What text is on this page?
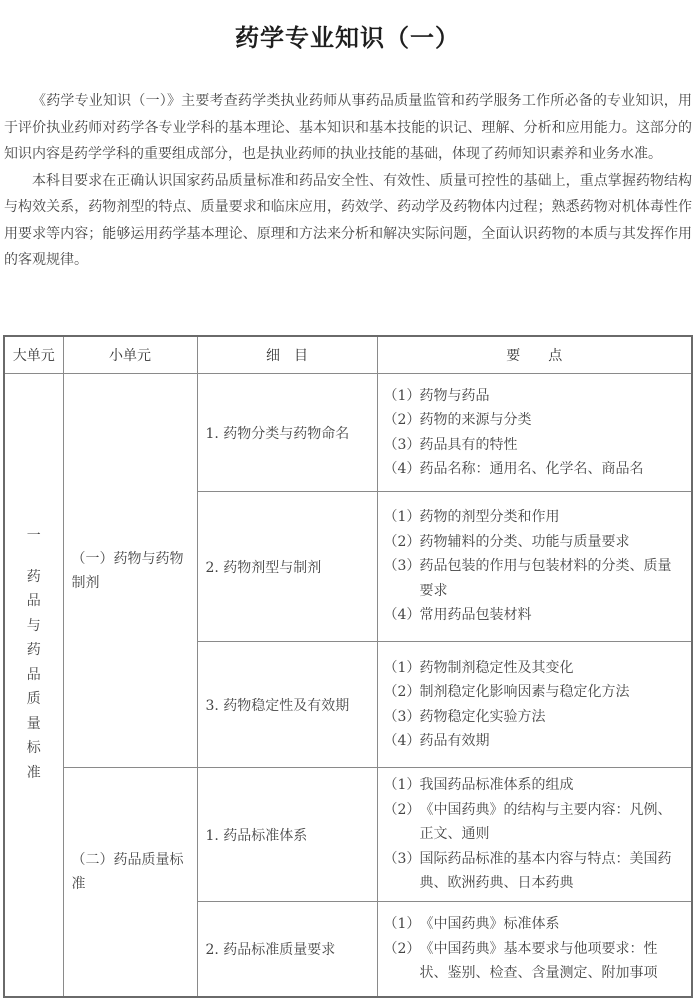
药学专业知识（一）

《药学专业知识（一）》主要考查药学类执业药师从事药品质量监管和药学服务工作所必备的专业知识，用于评价执业药师对药学各专业学科的基本理论、基本知识和基本技能的识记、理解、分析和应用能力。这部分的知识内容是药学学科的重要组成部分，也是执业药师的执业技能的基础，体现了药师知识素养和业务水准。

本科目要求在正确认识国家药品质量标准和药品安全性、有效性、质量可控性的基础上，重点掌握药物结构与构效关系，药物剂型的特点、质量要求和临床应用，药效学、药动学及药物体内过程；熟悉药物对机体毒性作用要求等内容；能够运用药学基本理论、原理和方法来分析和解决实际问题，全面认识药物的本质与其发挥作用的客观规律。

大单元	小单元	细　目	要　　点

一
药
品
与
药
品
质
量
标
准
	（一）药物与药物制剂	1. 药物分类与药物命名	
（1）药物与药品
（2）药物的来源与分类
（3）药品具有的特性
（4）药品名称：通用名、化学名、商品名

		2. 药物剂型与制剂	（1）药物的剂型分类和作用
（2）药物辅料的分类、功能与质量要求
（3）药品包装的作用与包装材料的分类、质量要求
（4）常用药品包装材料

		3. 药物稳定性及有效期	（1）药物制剂稳定性及其变化
（2）制剂稳定化影响因素与稳定化方法
（3）药物稳定化实验方法
（4）药品有效期

	（二）药品质量标准	1. 药品标准体系	（1）我国药品标准体系的组成
（2）《中国药典》的结构与主要内容：凡例、正文、通则
（3）国际药品标准的基本内容与特点：美国药典、欧洲药典、日本药典

		2. 药品标准质量要求	（1）《中国药典》标准体系
（2）《中国药典》基本要求与他项要求：性状、鉴别、检查、含量测定、附加事项
